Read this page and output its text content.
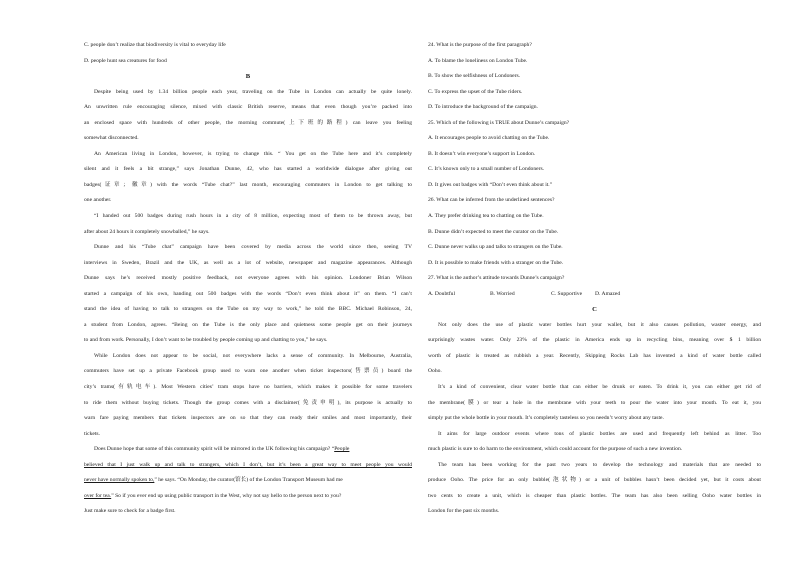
C. people don’t realize that biodiversity is vital to everyday life
D. people hunt sea creatures for food
B
Despite being used by 1.34 billion people each year, traveling on the Tube in London can actually be quite lonely.
An unwritten rule encouraging silence, mixed with classic British reserve, means that even though you’re packed into
an enclosed space with hundreds of other people, the morning commute(上下班的路程) can leave you feeling
somewhat disconnected.
An American living in London, however, is trying to change this. “ You get on the Tube here and it’s completely
silent and it feels a bit strange,” says Jonathan Dunne, 42, who has started a worldwide dialogue after giving out
badges(证章；徽章) with the words “Tube chat?” last month, encouraging commuters in London to get talking to
one another.
“I handed out 500 badges during rush hours in a city of 8 million, expecting most of them to be thrown away, but
after about 24 hours it completely snowballed,” he says.
Dunne and his “Tube chat” campaign have been covered by media across the world since then, seeing TV
interviews in Sweden, Brazil and the UK, as well as a lot of website, newspaper and magazine appearances. Although
Dunne says he’s received mostly positive feedback, not everyone agrees with his opinion. Londoner Brian Wilson
started a campaign of his own, handing out 500 badges with the words “Don’t even think about it” on them. “I can’t
stand the idea of having to talk to strangers on the Tube on my way to work,” he told the BBC. Michael Robinson, 24,
a student from London, agrees. “Being on the Tube is the only place and quietness some people get on their journeys
to and from work. Personally, I don’t want to be troubled by people coming up and chatting to you,” he says.
While London does not appear to be social, not everywhere lacks a sense of community. In Melbourne, Australia,
commuters have set up a private Facebook group used to warn one another when ticket inspectors(售票员) board the
city’s trams(有轨电车). Most Western cities’ tram stops have no barriers, which makes it possible for some travelers
to ride them without buying tickets. Though the group comes with a disclaimer(免责申明), its purpose is actually to
warn fare paying members that tickets inspectors are on so that they can ready their smiles and most importantly, their
tickets.
Does Dunne hope that some of this community spirit will be mirrored in the UK following his campaign? “People
believed that I just walk up and talk to strangers, which I don’t, but it’s been a great way to meet people you would
never have normally spoken to,” he says. “On Monday, the curator(馆长) of the London Transport Museum had me
over for tea.” So if you ever end up using public transport in the West, why not say hello to the person next to you?
Just make sure to check for a badge first.
24. What is the purpose of the first paragraph?
A. To blame the loneliness on London Tube.
B. To show the selfishness of Londoners.
C. To express the upset of the Tube riders.
D. To introduce the background of the campaign.
25. Which of the following is TRUE about Dunne’s campaign?
A. It encourages people to avoid chatting on the Tube.
B. It doesn’t win everyone’s support in London.
C. It’s known only to a small number of Londoners.
D. It gives out badges with “Don’t even think about it.”
26. What can be inferred from the underlined sentences?
A. They prefer drinking tea to chatting on the Tube.
B. Dunne didn’t expected to meet the curator on the Tube.
C. Dunne never walks up and talks to strangers on the Tube.
D. It is possible to make friends with a stranger on the Tube.
27. What is the author’s attitude towards Dunne’s campaign?
A. Doubtful	B. Worried	C. Supportive	D. Amazed
C
Not only does the use of plastic water bottles hurt your wallet, but it also causes pollution, waster energy, and
surprisingly wastes water. Only 23% of the plastic in America ends up in recycling bins, meaning over $ 1 billion
worth of plastic is treated as rubbish a year. Recently, Skipping Rocks Lab has invented a kind of water bottle called
Ooho.
It’s a kind of convenient, clear water bottle that can either be drunk or eaten. To drink it, you can either get rid of
the membrane(膜) or tear a hole in the membrane with your teeth to pour the water into your mouth. To eat it, you
simply put the whole bottle in your mouth. It’s completely tasteless so you needn’t worry about any taste.
It aims for large outdoor events where tons of plastic bottles are used and frequently left behind as litter. Too
much plastic is sure to do harm to the environment, which could account for the purpose of such a new invention.
The team has been working for the past two years to develop the technology and materials that are needed to
produce Ooho. The price for an only bubble(泡状物) or a unit of bubbles hasn’t been decided yet, but it costs about
two cents to create a unit, which is cheaper than plastic bottles. The team has also been selling Ooho water bottles in
London for the past six months.
